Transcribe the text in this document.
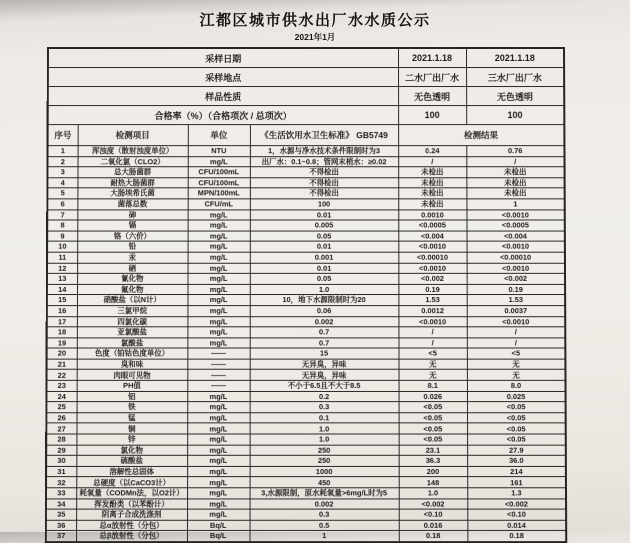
江都区城市供水出厂水水质公示
2021年1月
采样日期				2021.1.18	2021.1.18
采样地点				二水厂出厂水	三水厂出厂水
样品性质				无色透明	无色透明
合格率（%）（合格项次 / 总项次）				100	100
序号	检测项目	单位	《生活饮用水卫生标准》 GB5749	检测结果	
1	浑浊度（散射浊度单位）	NTU	1，水源与净水技术条件限制时为3	0.24	0.76
2	二氧化氯（CLO2）	mg/L	出厂水：0.1~0.8；管网末梢水：≥0.02	/	/
3	总大肠菌群	CFU/100mL	不得检出	未检出	未检出
4	耐热大肠菌群	CFU/100mL	不得检出	未检出	未检出
5	大肠埃希氏菌	MPN/100mL	不得检出	未检出	未检出
6	菌落总数	CFU/mL	100	未检出	1
7	砷	mg/L	0.01	0.0010	<0.0010
8	镉	mg/L	0.005	<0.0005	<0.0005
9	铬（六价）	mg/L	0.05	<0.004	<0.004
10	铅	mg/L	0.01	<0.0010	<0.0010
11	汞	mg/L	0.001	<0.00010	<0.00010
12	硒	mg/L	0.01	<0.0010	<0.0010
13	氰化物	mg/L	0.05	<0.002	<0.002
14	氟化物	mg/L	1.0	0.19	0.19
15	硝酸盐（以N计）	mg/L	10，地下水源限制时为20	1.53	1.53
16	三氯甲烷	mg/L	0.06	0.0012	0.0037
17	四氯化碳	mg/L	0.002	<0.0010	<0.0010
18	亚氯酸盐	mg/L	0.7	/	/
19	氯酸盐	mg/L	0.7	/	/
20	色度（铂钴色度单位）	——	15	<5	<5
21	臭和味	——	无异臭，异味	无	无
22	肉眼可见物	——	无异臭，异味	无	无
23	PH值	——	不小于6.5且不大于8.5	8.1	8.0
24	铝	mg/L	0.2	0.026	0.025
25	铁	mg/L	0.3	<0.05	<0.05
26	锰	mg/L	0.1	<0.05	<0.05
27	铜	mg/L	1.0	<0.05	<0.05
28	锌	mg/L	1.0	<0.05	<0.05
29	氯化物	mg/L	250	23.1	27.9
30	硫酸盐	mg/L	250	36.3	36.0
31	溶解性总固体	mg/L	1000	200	214
32	总硬度（以CaCO3计）	mg/L	450	148	161
33	耗氧量（CODMn法，以O2计）	mg/L	3,水源限制，原水耗氧量>6mg/L时为5	1.0	1.3
34	挥发酚类（以苯酚计）	mg/L	0.002	<0.002	<0.002
35	阴离子合成洗涤剂	mg/L	0.3	<0.10	<0.10
36	总α放射性（分包）	Bq/L	0.5	0.016	0.014
37	总β放射性（分包）	Bq/L	1	0.18	0.18
